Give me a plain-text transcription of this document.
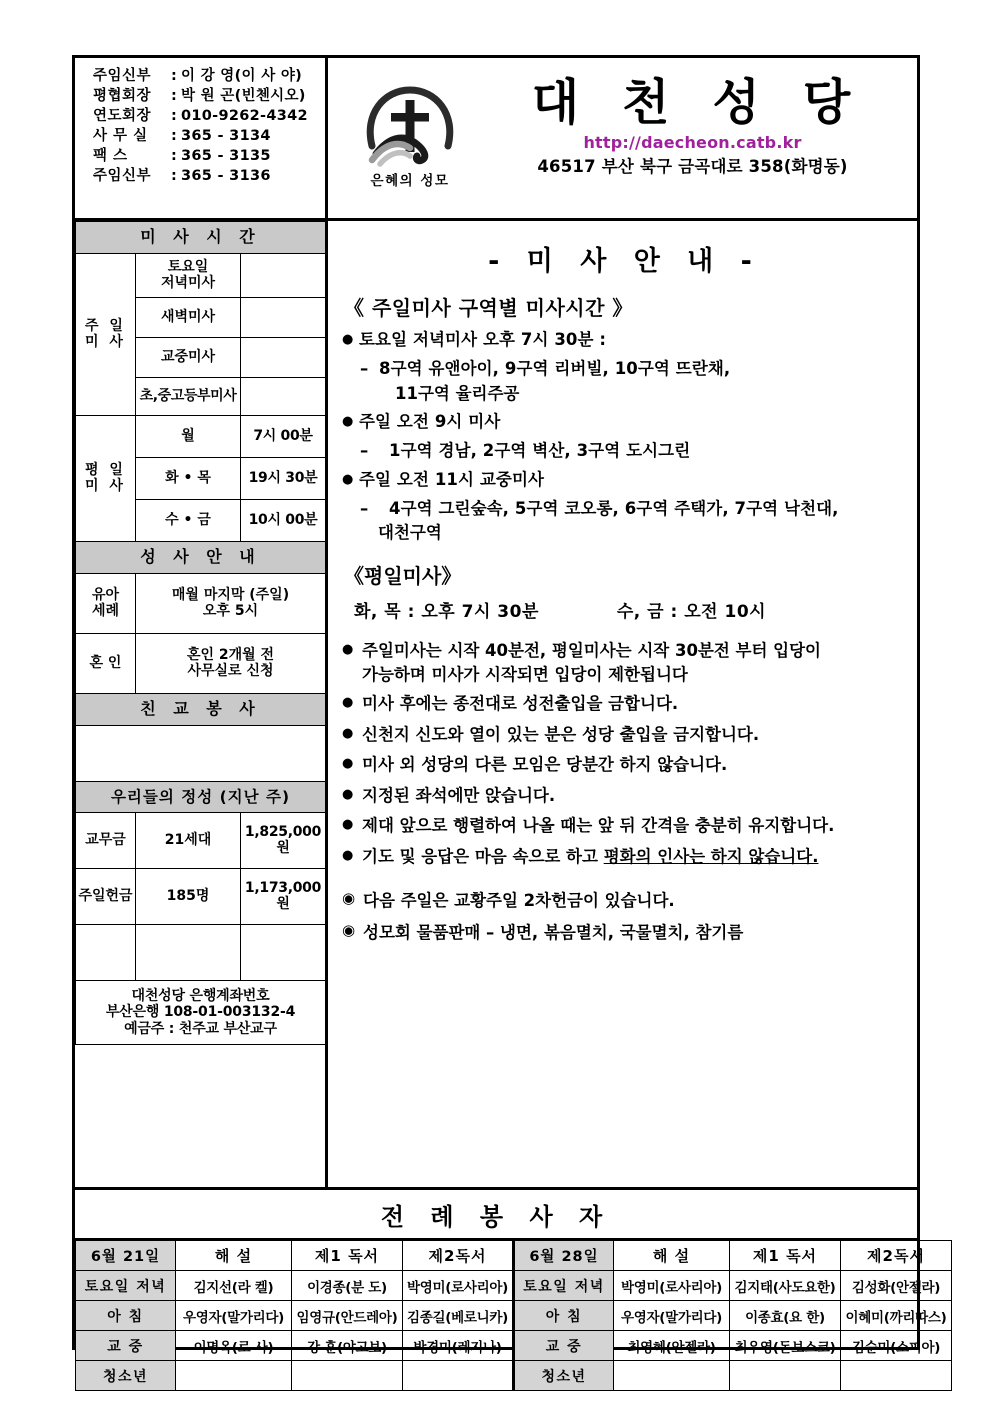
주임신부	: 이 강 영(이 사 야)
평협회장	: 박 원 곤(빈첸시오)
연도회장	: 010-9262-4342
사 무 실	: 365 - 3134
팩 스	: 365 - 3135
주임신부	: 365 - 3136	은혜의 성모
대 천 성 당
http://daecheon.catb.kr
46517 부산 북구 금곡대로 358(화명동)
미 사 시 간		
주 일
미 사	토요일
저녁미사	
	새벽미사	
	교중미사	
	초,중고등부미사	
평 일
미 사	월	7시 00분
	화 • 목	19시 30분
	수 • 금	10시 00분
성 사 안 내		
유아
세례	매월 마지막 (주일)
오후 5시	
혼 인	혼인 2개월 전
사무실로 신청	
친 교 봉 사		

우리들의 정성 (지난 주)		
교무금	21세대	1,825,000원
주일헌금	185명	1,173,000원

대천성당 은행계좌번호
부산은행 108-01-003132-4
예금주 : 천주교 부산교구		
- 미 사 안 내 -
《 주일미사 구역별 미사시간 》
● 토요일 저녁미사 오후 7시 30분 :
– 8구역 유앤아이, 9구역 리버빌, 10구역 뜨란채,
11구역 율리주공
● 주일 오전 9시 미사
–	1구역 경남, 2구역 벽산, 3구역 도시그린
● 주일 오전 11시 교중미사
–	4구역 그린숲속, 5구역 코오롱, 6구역 주택가, 7구역 낙천대,
대천구역
《평일미사》
화, 목 : 오후 7시 30분	수, 금 : 오전 10시
● 주일미사는 시작 40분전, 평일미사는 시작 30분전 부터 입당이
가능하며 미사가 시작되면 입당이 제한됩니다
● 미사 후에는 종전대로 성전출입을 금합니다.
● 신천지 신도와 열이 있는 분은 성당 출입을 금지합니다.
● 미사 외 성당의 다른 모임은 당분간 하지 않습니다.
● 지정된 좌석에만 앉습니다.
● 제대 앞으로 행렬하여 나올 때는 앞 뒤 간격을 충분히 유지합니다.
● 기도 및 응답은 마음 속으로 하고 평화의 인사는 하지 않습니다.
◉ 다음 주일은 교황주일 2차헌금이 있습니다.
◉ 성모회 물품판매 – 냉면, 볶음멸치, 국물멸치, 참기름
전 례 봉 사 자
6월 21일	해 설	제1 독서	제2독서	6월 28일	해 설	제1 독서	제2독서
토요일 저녁	김지선(라 켈)	이경종(분 도)	박영미(로사리아)	토요일 저녁	박영미(로사리아)	김지태(사도요한)	김성화(안젤라)
아 침	우영자(말가리다)	임영규(안드레아)	김종길(베로니카)	아 침	우영자(말가리다)	이종효(요 한)	이혜미(까리따스)
교 중	이명옥(로 사)	강 훈(야고보)	박경미(레지나)	교 중	최영혜(안젤라)	최우영(돈보스코)	김순미(소피아)
청소년				청소년			
